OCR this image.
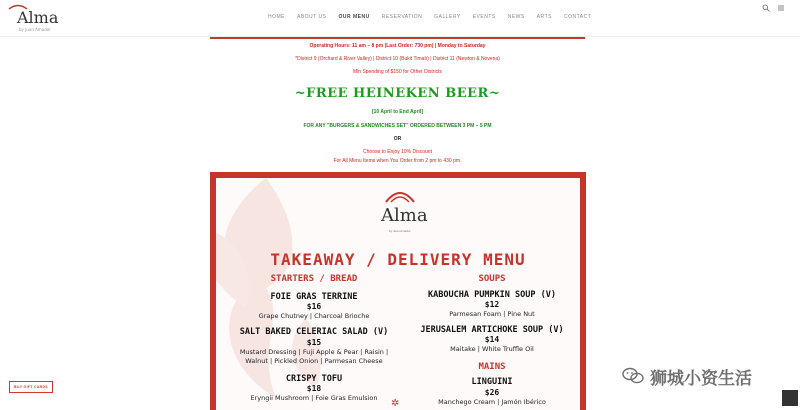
Alma
by Juan Amador
HOME	ABOUT US	OUR MENU	RESERVATION	GALLERY	EVENTS	NEWS	ARTS	CONTACT
Operating Hours: 11 am – 8 pm (Last Order: 730 pm) | Monday to Saturday
*District 9 (Orchard & River Valley) | District 10 (Bukit Timah) | District 11 (Newton & Novena)
Min Spending of $150 for Other Districts
~FREE HEINEKEN BEER~
[10 April to End April]
FOR ANY "BURGERS & SANDWICHES SET" ORDERED BETWEEN 3 PM – 5 PM
OR
Choose to Enjoy 10% Discount
For All Menu Items when You Order from 2 pm to 430 pm.
Alma
by Juan Amador
TAKEAWAY / DELIVERY MENU
STARTERS / BREAD
FOIE GRAS TERRINE
$16
Grape Chutney | Charcoal Brioche
SALT BAKED CELERIAC SALAD (V)
$15
Mustard Dressing | Fuji Apple & Pear | Raisin |
Walnut | Pickled Onion | Parmesan Cheese
CRISPY TOFU
$18
Eryngii Mushroom | Foie Gras Emulsion
SOUPS
KABOUCHA PUMPKIN SOUP (V)
$12
Parmesan Foam | Pine Nut
JERUSALEM ARTICHOKE SOUP (V)
$14
Maitake | White Truffle Oil
MAINS
LINGUINI
$26
Manchego Cream | Jamón Ibérico
✲
BUY GIFT CARDS	狮城小资生活
